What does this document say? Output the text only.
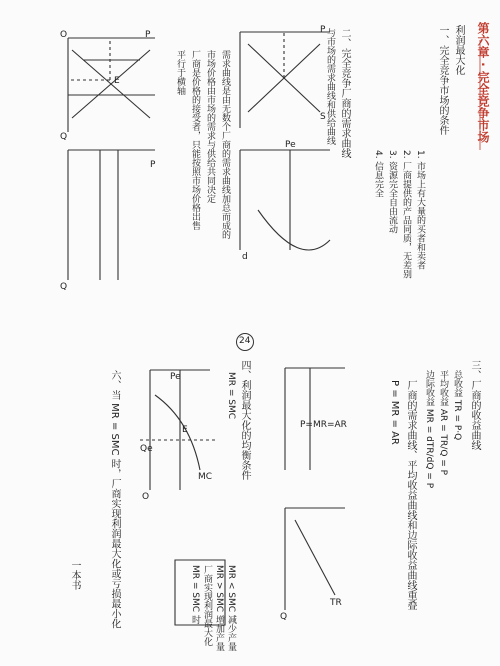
24
第六章 · 完全竞争市场
利润最大化
一、完全竞争市场的条件
1. 市场上有大量的买者和卖者
2. 厂商提供的产品同质，无差别
3. 资源完全自由流动
4. 信息完全
二、完全竞争厂商的需求曲线
与市场的需求曲线和供给曲线
需求曲线是由无数个厂商的需求曲线加总而成的
市场价格由市场的需求与供给共同决定
厂商是价格的接受者，只能按照市场价格出售
平行于横轴
三、厂商的收益曲线
总收益 TR = P·Q
平均收益 AR = TR/Q = P
边际收益 MR = dTR/dQ = P
厂商的需求曲线、平均收益曲线和边际收益曲线重叠
P = MR = AR
四、利润最大化的均衡条件
MR = SMC
MR = SMC 时 厂商实现利润最大化 MR > SMC 增加产量 MR < SMC 减少产量
六、当 MR = SMC 时，厂商实现利润最大化或亏损最小化
一本书
P
O
Q
E
P
S
Pe
d
P
Q
P=MR=AR
TR
Q
Pe
MC
E
Qe
O
